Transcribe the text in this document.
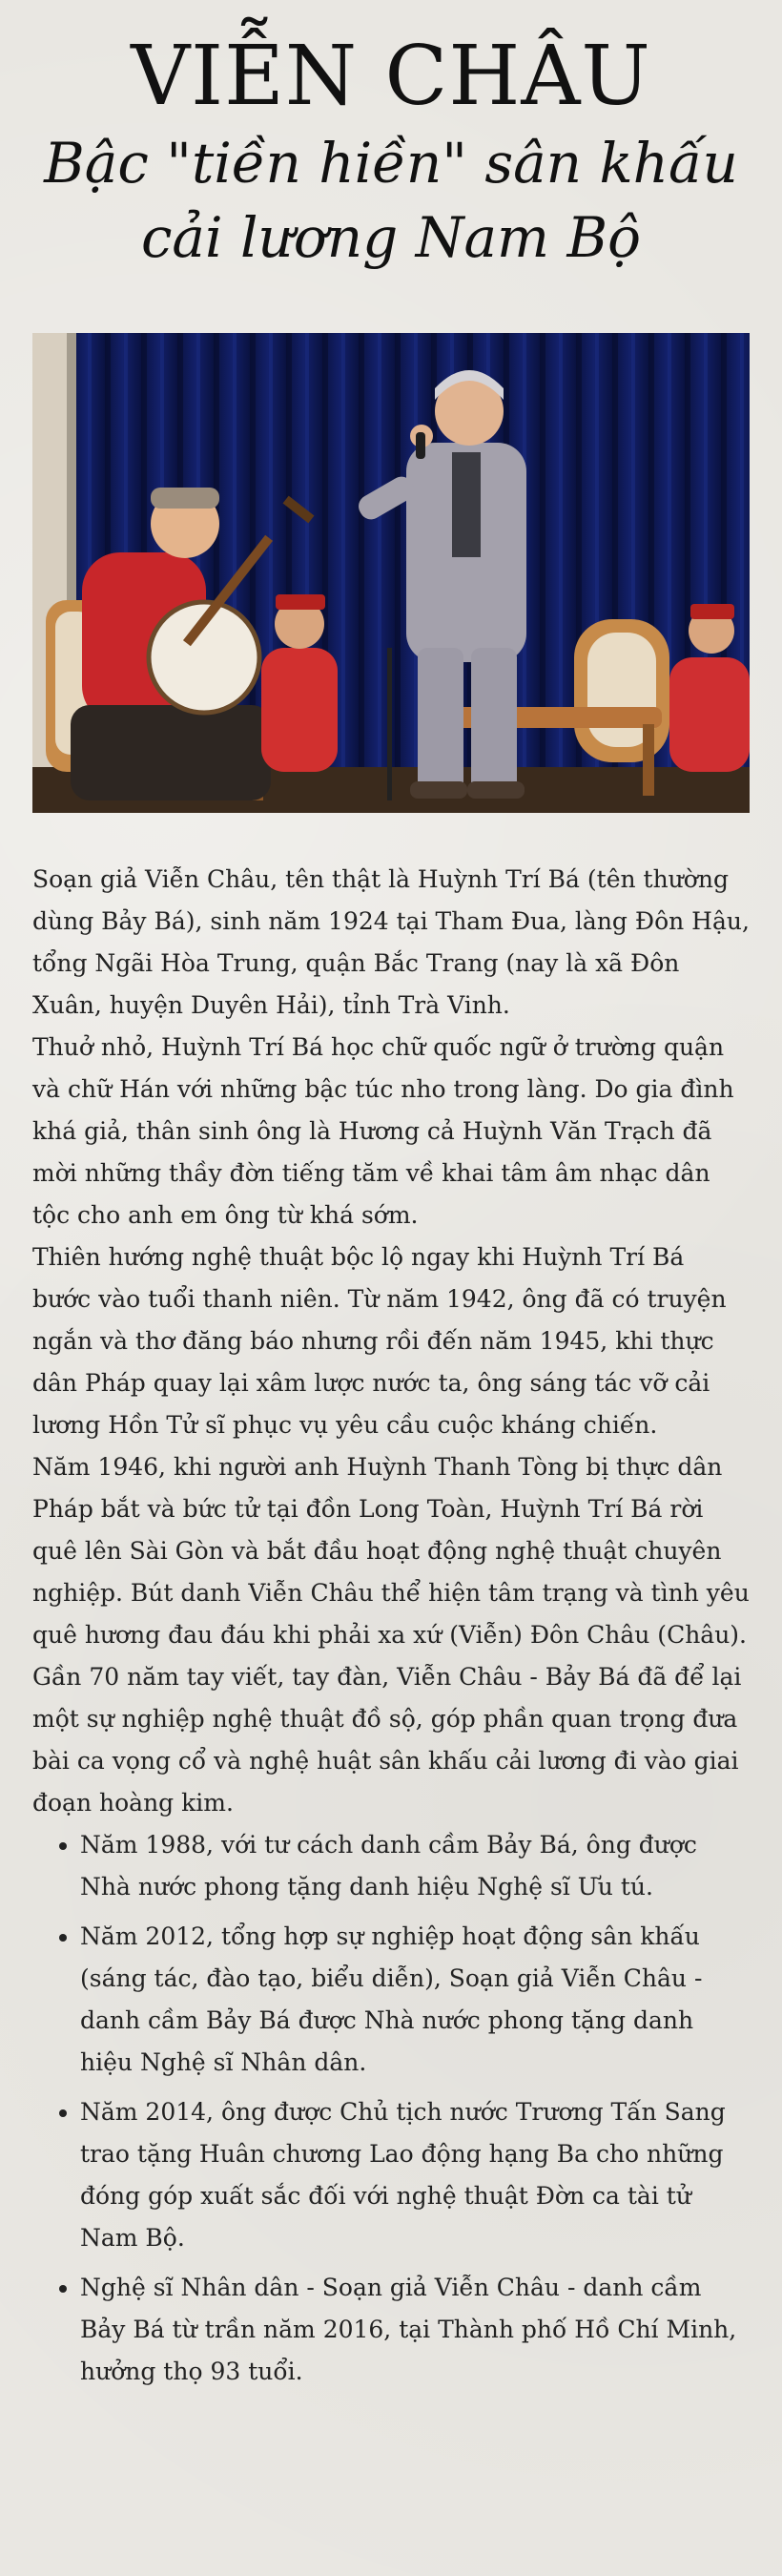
VIỄN CHÂU
Bậc "tiền hiền" sân khấu
cải lương Nam Bộ

Soạn giả Viễn Châu, tên thật là Huỳnh Trí Bá (tên thường dùng Bảy Bá), sinh năm 1924 tại Tham Đua, làng Đôn Hậu, tổng Ngãi Hòa Trung, quận Bắc Trang (nay là xã Đôn Xuân, huyện Duyên Hải), tỉnh Trà Vinh.

Thuở nhỏ, Huỳnh Trí Bá học chữ quốc ngữ ở trường quận và chữ Hán với những bậc túc nho trong làng. Do gia đình khá giả, thân sinh ông là Hương cả Huỳnh Văn Trạch đã mời những thầy đờn tiếng tăm về khai tâm âm nhạc dân tộc cho anh em ông từ khá sớm.

Thiên hướng nghệ thuật bộc lộ ngay khi Huỳnh Trí Bá bước vào tuổi thanh niên. Từ năm 1942, ông đã có truyện ngắn và thơ đăng báo nhưng rồi đến năm 1945, khi thực dân Pháp quay lại xâm lược nước ta, ông sáng tác vỡ cải lương Hồn Tử sĩ phục vụ yêu cầu cuộc kháng chiến.

Năm 1946, khi người anh Huỳnh Thanh Tòng bị thực dân Pháp bắt và bức tử tại đồn Long Toàn, Huỳnh Trí Bá rời quê lên Sài Gòn và bắt đầu hoạt động nghệ thuật chuyên nghiệp. Bút danh Viễn Châu thể hiện tâm trạng và tình yêu quê hương đau đáu khi phải xa xứ (Viễn) Đôn Châu (Châu).

Gần 70 năm tay viết, tay đàn, Viễn Châu - Bảy Bá đã để lại một sự nghiệp nghệ thuật đồ sộ, góp phần quan trọng đưa bài ca vọng cổ và nghệ huật sân khấu cải lương đi vào giai đoạn hoàng kim.

• Năm 1988, với tư cách danh cầm Bảy Bá, ông được Nhà nước phong tặng danh hiệu Nghệ sĩ Ưu tú.
• Năm 2012, tổng hợp sự nghiệp hoạt động sân khấu (sáng tác, đào tạo, biểu diễn), Soạn giả Viễn Châu - danh cầm Bảy Bá được Nhà nước phong tặng danh hiệu Nghệ sĩ Nhân dân.
• Năm 2014, ông được Chủ tịch nước Trương Tấn Sang trao tặng Huân chương Lao động hạng Ba cho những đóng góp xuất sắc đối với nghệ thuật Đờn ca tài tử Nam Bộ.
• Nghệ sĩ Nhân dân - Soạn giả Viễn Châu - danh cầm Bảy Bá từ trần năm 2016, tại Thành phố Hồ Chí Minh, hưởng thọ 93 tuổi.
